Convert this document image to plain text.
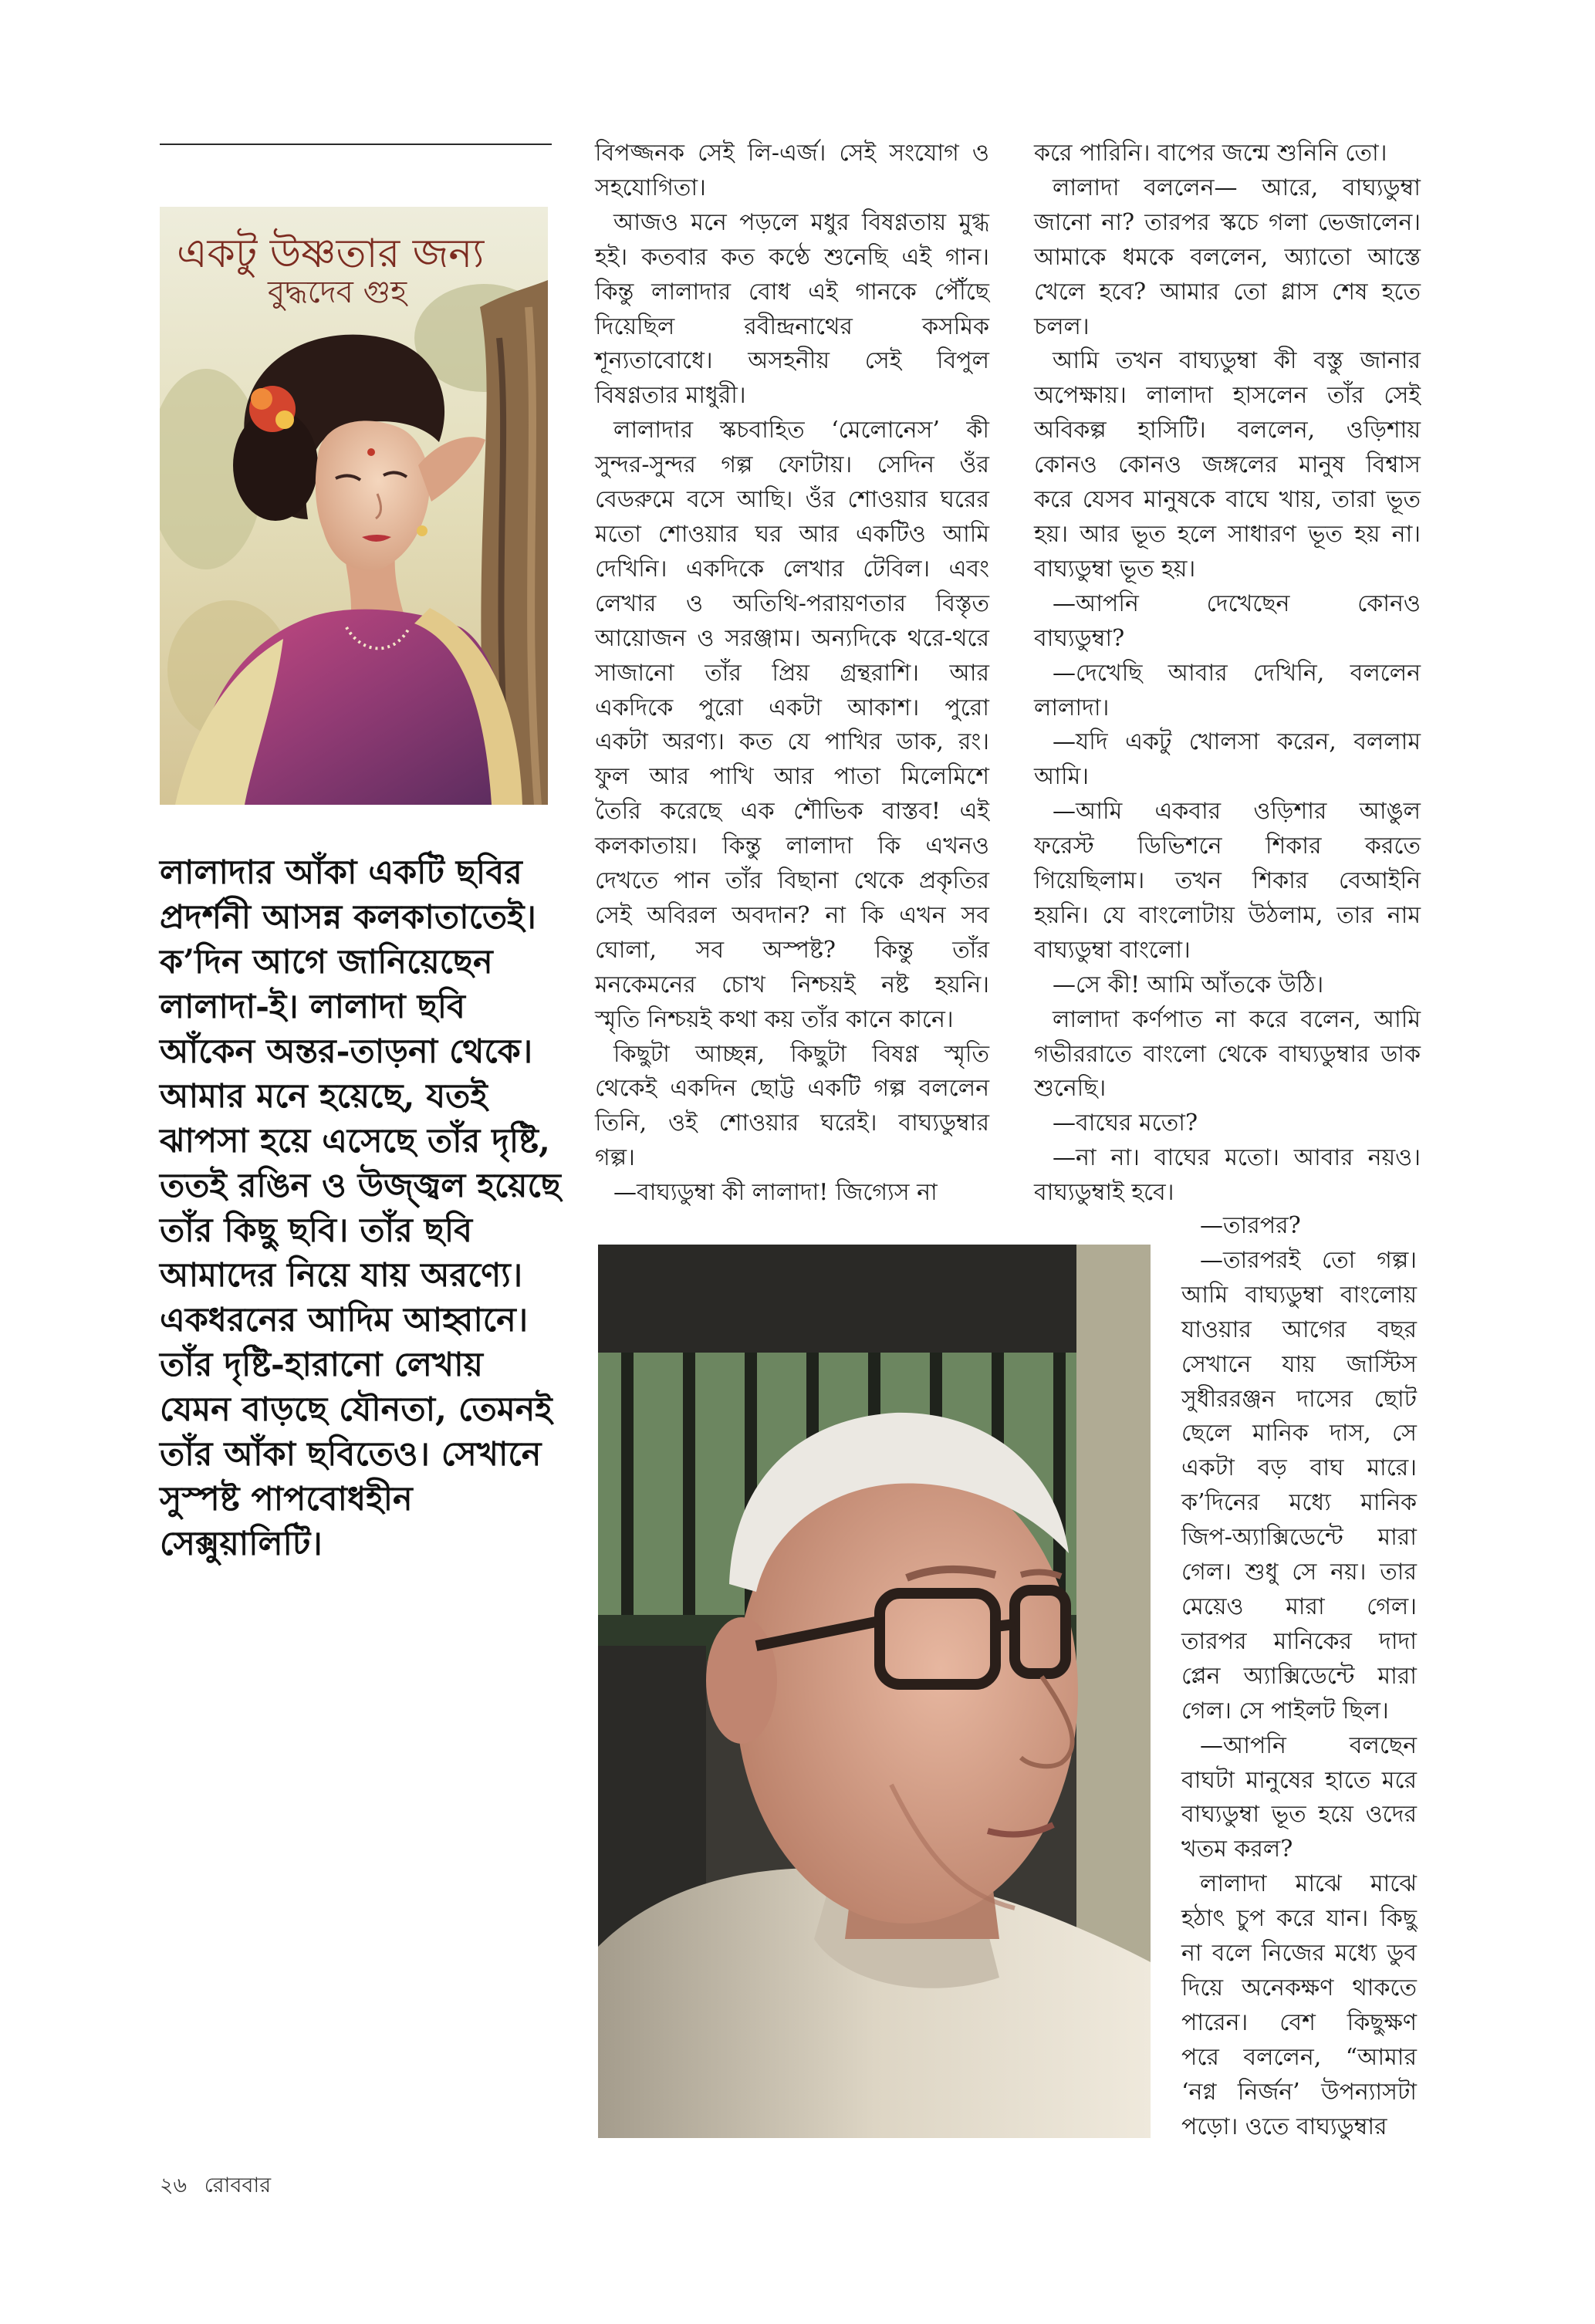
একটু উষ্ণতার জন্য
বুদ্ধদেব গুহ
লালাদার আঁকা একটি ছবির
প্রদর্শনী আসন্ন কলকাতাতেই।
ক’দিন আগে জানিয়েছেন
লালাদা-ই। লালাদা ছবি
আঁকেন অন্তর-তাড়না থেকে।
আমার মনে হয়েছে, যতই
ঝাপসা হয়ে এসেছে তাঁর দৃষ্টি,
ততই রঙিন ও উজ্জ্বল হয়েছে
তাঁর কিছু ছবি। তাঁর ছবি
আমাদের নিয়ে যায় অরণ্যে।
একধরনের আদিম আহ্বানে।
তাঁর দৃষ্টি-হারানো লেখায়
যেমন বাড়ছে যৌনতা, তেমনই
তাঁর আঁকা ছবিতেও। সেখানে
সুস্পষ্ট পাপবোধহীন
সেক্সুয়ালিটি।
বিপজ্জনক সেই লি-এর্জ। সেই সংযোগ ও
সহযোগিতা।
আজও মনে পড়লে মধুর বিষণ্ণতায় মুগ্ধ
হই। কতবার কত কণ্ঠে শুনেছি এই গান।
কিন্তু লালাদার বোধ এই গানকে পৌঁছে
দিয়েছিল রবীন্দ্রনাথের কসমিক
শূন্যতাবোধে। অসহনীয় সেই বিপুল
বিষণ্ণতার মাধুরী।
লালাদার স্কচবাহিত ‘মেলোনেস’ কী
সুন্দর-সুন্দর গল্প ফোটায়। সেদিন ওঁর
বেডরুমে বসে আছি। ওঁর শোওয়ার ঘরের
মতো শোওয়ার ঘর আর একটিও আমি
দেখিনি। একদিকে লেখার টেবিল। এবং
লেখার ও অতিথি-পরায়ণতার বিস্তৃত
আয়োজন ও সরঞ্জাম। অন্যদিকে থরে-থরে
সাজানো তাঁর প্রিয় গ্রন্থরাশি। আর
একদিকে পুরো একটা আকাশ। পুরো
একটা অরণ্য। কত যে পাখির ডাক, রং।
ফুল আর পাখি আর পাতা মিলেমিশে
তৈরি করেছে এক শৌভিক বাস্তব! এই
কলকাতায়। কিন্তু লালাদা কি এখনও
দেখতে পান তাঁর বিছানা থেকে প্রকৃতির
সেই অবিরল অবদান? না কি এখন সব
ঘোলা, সব অস্পষ্ট? কিন্তু তাঁর
মনকেমনের চোখ নিশ্চয়ই নষ্ট হয়নি।
স্মৃতি নিশ্চয়ই কথা কয় তাঁর কানে কানে।
কিছুটা আচ্ছন্ন, কিছুটা বিষণ্ণ স্মৃতি
থেকেই একদিন ছোট্ট একটি গল্প বললেন
তিনি, ওই শোওয়ার ঘরেই। বাঘ্যডুম্বার
গল্প।
—বাঘ্যডুম্বা কী লালাদা! জিগ্যেস না
করে পারিনি। বাপের জন্মে শুনিনি তো।
লালাদা বললেন— আরে, বাঘ্যডুম্বা
জানো না? তারপর স্কচে গলা ভেজালেন।
আমাকে ধমকে বললেন, অ্যাতো আস্তে
খেলে হবে? আমার তো গ্লাস শেষ হতে
চলল।
আমি তখন বাঘ্যডুম্বা কী বস্তু জানার
অপেক্ষায়। লালাদা হাসলেন তাঁর সেই
অবিকল্প হাসিটি। বললেন, ওড়িশায়
কোনও কোনও জঙ্গলের মানুষ বিশ্বাস
করে যেসব মানুষকে বাঘে খায়, তারা ভূত
হয়। আর ভূত হলে সাধারণ ভূত হয় না।
বাঘ্যডুম্বা ভূত হয়।
—আপনি দেখেছেন কোনও
বাঘ্যডুম্বা?
—দেখেছি আবার দেখিনি, বললেন
লালাদা।
—যদি একটু খোলসা করেন, বললাম
আমি।
—আমি একবার ওড়িশার আঙুল
ফরেস্ট ডিভিশনে শিকার করতে
গিয়েছিলাম। তখন শিকার বেআইনি
হয়নি। যে বাংলোটায় উঠলাম, তার নাম
বাঘ্যডুম্বা বাংলো।
—সে কী! আমি আঁতকে উঠি।
লালাদা কর্ণপাত না করে বলেন, আমি
গভীররাতে বাংলো থেকে বাঘ্যডুম্বার ডাক
শুনেছি।
—বাঘের মতো?
—না না। বাঘের মতো। আবার নয়ও।
বাঘ্যডুম্বাই হবে।
—তারপর?
—তারপরই তো গল্প।
আমি বাঘ্যডুম্বা বাংলোয়
যাওয়ার আগের বছর
সেখানে যায় জাস্টিস
সুধীররঞ্জন দাসের ছোট
ছেলে মানিক দাস, সে
একটা বড় বাঘ মারে।
ক’দিনের মধ্যে মানিক
জিপ-অ্যাক্সিডেন্টে মারা
গেল। শুধু সে নয়। তার
মেয়েও মারা গেল।
তারপর মানিকের দাদা
প্লেন অ্যাক্সিডেন্টে মারা
গেল। সে পাইলট ছিল।
—আপনি বলছেন
বাঘটা মানুষের হাতে মরে
বাঘ্যডুম্বা ভূত হয়ে ওদের
খতম করল?
লালাদা মাঝে মাঝে
হঠাৎ চুপ করে যান। কিছু
না বলে নিজের মধ্যে ডুব
দিয়ে অনেকক্ষণ থাকতে
পারেন। বেশ কিছুক্ষণ
পরে বললেন, “আমার
‘নগ্ন নির্জন’ উপন্যাসটা
পড়ো। ওতে বাঘ্যডুম্বার
২৬ রোববার
